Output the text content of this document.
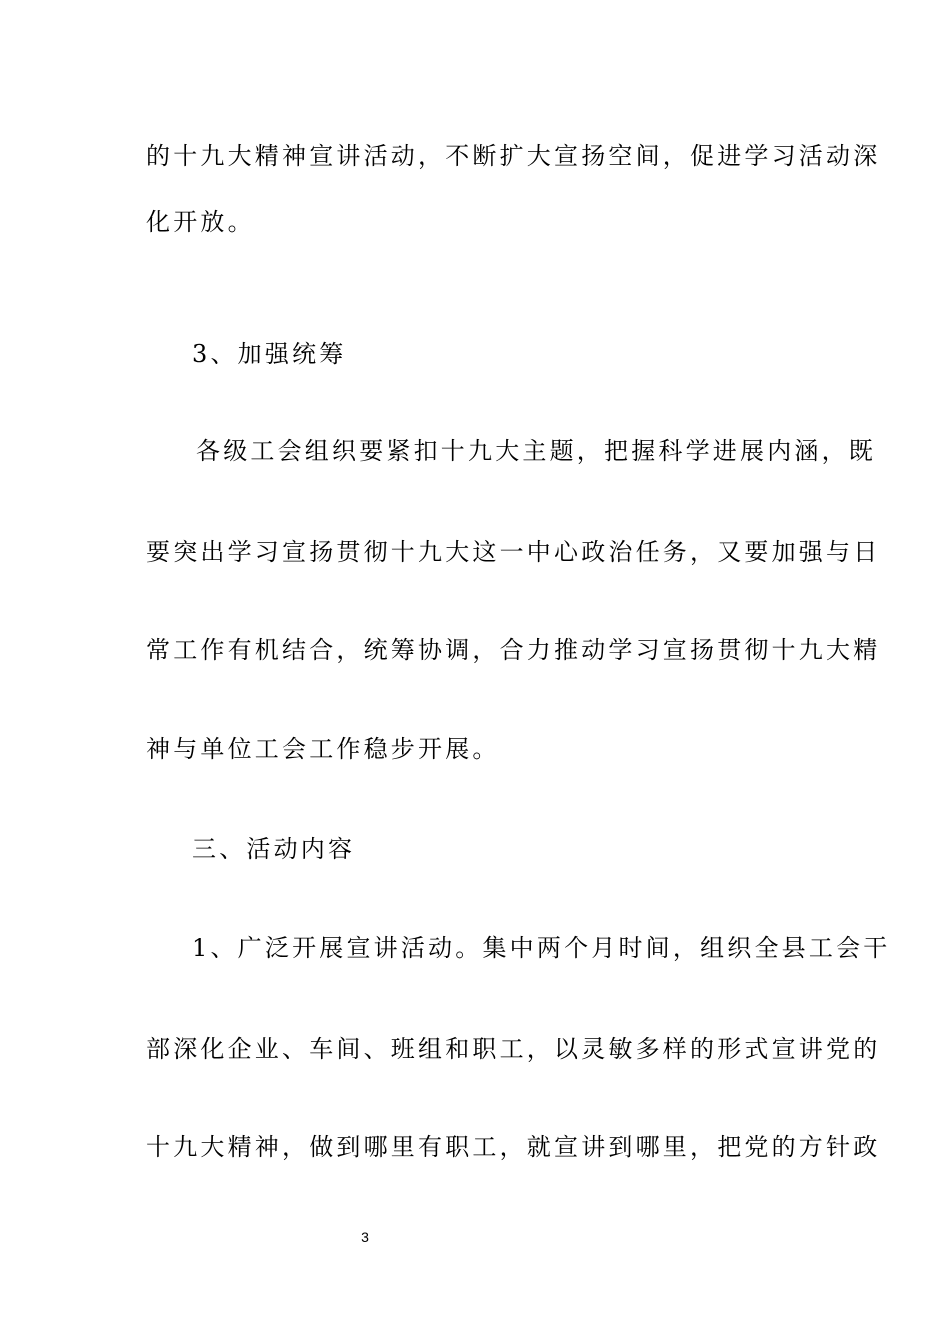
的十九大精神宣讲活动，不断扩大宣扬空间，促进学习活动深
化开放。
3、加强统筹
各级工会组织要紧扣十九大主题，把握科学进展内涵，既
要突出学习宣扬贯彻十九大这一中心政治任务，又要加强与日
常工作有机结合，统筹协调，合力推动学习宣扬贯彻十九大精
神与单位工会工作稳步开展。
三、活动内容
1、广泛开展宣讲活动。集中两个月时间，组织全县工会干
部深化企业、车间、班组和职工，以灵敏多样的形式宣讲党的
十九大精神，做到哪里有职工，就宣讲到哪里，把党的方针政
3
